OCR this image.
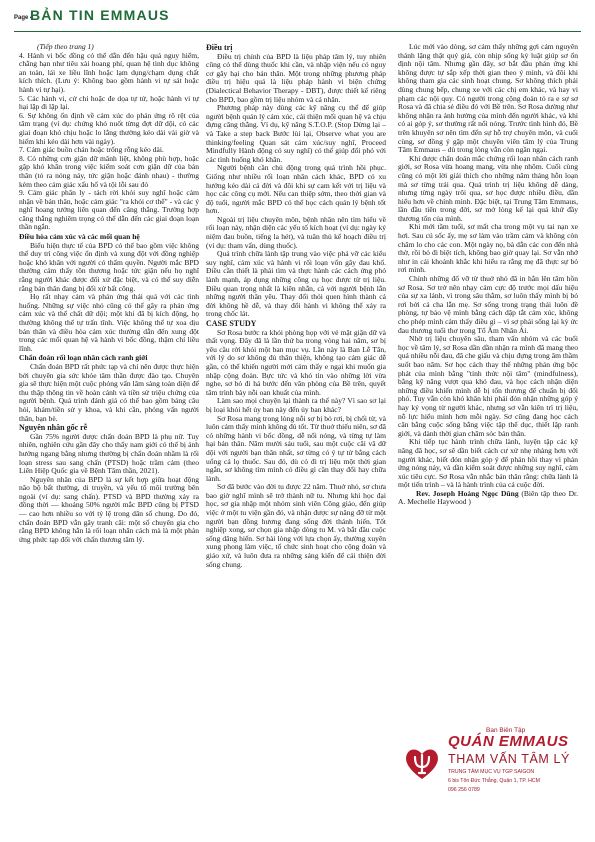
Page 4
BẢN TIN EMMAUS

(Tiếp theo trang 1)

4. Hành vi bốc đồng có thể dẫn đến hậu quả nguy hiểm, chẳng hạn như tiêu xài hoang phí, quan hệ tình dục không an toàn, lái xe liều lĩnh hoặc lạm dụng/chạm dụng chất kích thích. (Lưu ý: Không bao gồm hành vi tự sát hoặc hành vi tự hại).

5. Các hành vi, cử chỉ hoặc đe dọa tự tử, hoặc hành vi tự hại lặp đi lặp lại.

6. Sự không ổn định về cảm xúc do phản ứng rõ rệt của tâm trạng (ví dụ: chứng khó nuốt từng đợt dữ dội, có các giai đoạn khó chịu hoặc lo lắng thường kéo dài vài giờ và hiếm khi kéo dài hơn vài ngày).

7. Cảm giác buồn chán hoặc trống rỗng kéo dài.

8. Có những cơn giận dữ mãnh liệt, không phù hợp, hoặc gặp khó khăn trong việc kiểm soát cơn giận dữ của bản thân (tỏ ra nóng nảy, tức giận hoặc đánh nhau) - thường kèm theo cảm giác xấu hổ và tội lỗi sau đó

9. Cảm giác phân ly - tách rời khỏi suy nghĩ hoặc cảm nhận về bản thân, hoặc cảm giác "ra khỏi cơ thể" - và các ý nghĩ hoang tưởng liên quan đến căng thẳng. Trường hợp căng thẳng nghiêm trọng có thể dẫn đến các giai đoạn loạn thần ngắn.

Điều hòa cảm xúc và các mối quan hệ

Biểu hiện thực tế của BPD có thể bao gồm việc không thể duy trì công việc ổn định và xung đột với đồng nghiệp hoặc khó khăn với người có thẩm quyền. Người mắc BPD thường cảm thấy tồn thương hoặc tức giận nếu họ nghĩ rằng người khác được đối xử đặc biệt, và có thể suy diễn rằng bản thân đang bị đối xử bất công.

Họ rất nhạy cảm và phản ứng thái quá với các tình huống. Những sự việc nhỏ cũng có thể gây ra phản ứng cảm xúc và thể chất dữ dội; một khi đã bị kích động, họ thường không thể tự trấn tĩnh. Việc không thể tự xoa dịu bản thân và điều hòa cảm xúc thường dẫn đến xung đột trong các mối quan hệ và hành vi bốc đồng, thậm chí liều lĩnh.

Chẩn đoán rối loạn nhân cách ranh giới

Chẩn đoán BPD rất phức tạp và chỉ nên được thực hiện bởi chuyên gia sức khỏe tâm thần được đào tạo. Chuyên gia sẽ thực hiện một cuộc phỏng vấn lâm sàng toàn diện để thu thập thông tin về hoàn cảnh và tiền sử triệu chứng của người bệnh. Quá trình đánh giá có thể bao gồm bảng câu hỏi, khám/tiền sử y khoa, và khi cần, phỏng vấn người thân, bạn bè.

Nguyên nhân gốc rễ

Gần 75% người được chẩn đoán BPD là phụ nữ. Tuy nhiên, nghiên cứu gần đây cho thấy nam giới có thể bị ảnh hưởng ngang bằng nhưng thường bị chẩn đoán nhầm là rối loạn stress sau sang chấn (PTSD) hoặc trầm cảm (theo Liên Hiệp Quốc gia về Bệnh Tâm thần, 2021).

Nguyên nhân của BPD là sự kết hợp giữa hoạt động não bộ bất thường, di truyền, và yếu tố môi trường bên ngoài (ví dụ: sang chấn). PTSD và BPD thường xảy ra đồng thời — khoảng 50% người mắc BPD cũng bị PTSD — cao hơn nhiều so với tỷ lệ trong dân số chung. Do đó, chẩn đoán BPD vẫn gây tranh cãi: một số chuyên gia cho rằng BPD không hẳn là rối loạn nhân cách mà là một phản ứng phức tạp đối với chấn thương tâm lý.

Điều trị

Điều trị chính của BPD là liệu pháp tâm lý, tuy nhiên cũng có thể dùng thuốc khi cần, và nhập viện nếu có nguy cơ gây hại cho bản thân. Một trong những phương pháp điều trị hiệu quả là liệu pháp hành vi biện chứng (Dialectical Behavior Therapy - DBT), được thiết kế riêng cho BPD, bao gồm trị liệu nhóm và cá nhân.

Phương pháp này dùng các kỹ năng cụ thể để giúp người bệnh quản lý cảm xúc, cải thiện mối quan hệ và chịu đựng căng thẳng. Ví dụ, kỹ năng S.T.O.P. (Stop Dừng lại – và Take a step back Bước lùi lại, Observe what you are thinking/feeling Quan sát cảm xúc/suy nghĩ, Proceed Mindfully Hành động có suy nghĩ) có thể giúp đối phó với các tình huống khó khăn.

Người bệnh cần chủ động trong quá trình hồi phục. Giống như nhiều rối loạn nhân cách khác, BPD có xu hướng kéo dài cả đời và đôi khi sự cam kết với trị liệu và học các công cụ mới. Nếu can thiệp sớm, theo thời gian và độ tuổi, người mắc BPD có thể học cách quản lý bệnh tốt hơn.

Ngoài trị liệu chuyên môn, bệnh nhân nên tìm hiểu về rối loạn này, nhận diện các yếu tố kích hoạt (ví dụ: ngày kỷ niệm đau buồn, tiếng la hét), và tuân thủ kế hoạch điều trị (ví dụ: tham vấn, dùng thuốc).

Quá trình chữa lành tập trung vào việc phá vỡ các kiểu suy nghĩ, cảm xúc và hành vi rối loạn vốn gây đau khổ. Điều cần thiết là phải tìm và thực hành các cách ứng phó lành mạnh, áp dụng những công cụ học được từ trị liệu. Điều quan trọng nhất là kiên nhẫn, cả với người bệnh lẫn những người thân yêu. Thay đổi thói quen hình thành cả đời không hề dễ, và thay đổi hành vi không thể xảy ra trong chốc lát.

CASE STUDY

Sơ Rosa bước ra khỏi phòng họp với vẻ mặt giận dữ và thất vọng. Đây đã là lần thứ ba trong vòng hai năm, sơ bị yêu cầu rời khỏi một ban mục vụ. Lần này là Ban Lễ Tân, với lý do sơ không đủ thân thiện, không tạo cảm giác dễ gần, có thể khiến người mới cảm thấy e ngại khi muốn gia nhập cộng đoàn. Bực tức và khó tin vào những lời vừa nghe, sơ bỏ đi hả bước đến văn phòng của Bề trên, quyết tâm trình bày nỗi oan khuất của mình.

Làm sao mọi chuyện lại thành ra thế này? Vì sao sơ lại bị loại khỏi hết ủy ban này đến ủy ban khác?

Sơ Rosa mang trong lòng nỗi sợ bị bỏ rơi, bị chối từ, và luôn cảm thấy mình không đủ tốt. Từ thuở thiếu niên, sơ đã có những hành vi bốc đồng, dễ nổi nóng, và từng tự làm hại bản thân. Năm mười sáu tuổi, sau một cuộc cãi vã dữ dội với người bạn thân nhất, sơ từng có ý tự tử bằng cách uống cả lọ thuốc. Sau đó, dù có đi trị liệu một thời gian ngắn, sơ không tìm mình có điều gì cần thay đổi hay chữa lành.

Sơ đã bước vào đời tu được 22 năm. Thuở nhỏ, sơ chưa bao giờ nghĩ mình sẽ trở thành nữ tu. Nhưng khi học đại học, sơ gia nhập một nhóm sinh viên Công giáo, đến giúp việc ở một tu viện gần đó, và nhận được sự nâng đỡ từ một người bạn đồng hương đang sống đời thánh hiến. Tốt nghiệp xong, sơ chọn gia nhập dòng tu M. và bắt đầu cuộc sống dâng hiến. Sơ hài lòng với lựa chọn ấy, thường xuyên xung phong làm việc, tổ chức sinh hoạt cho cộng đoàn và giáo xứ, và luôn đưa ra những sáng kiến để cải thiện đời sống chung.

Lúc mới vào dòng, sơ cảm thấy những gợi cảm nguyên thánh lặng thật quý giá, còn nhịp sống kỷ luật giúp sơ ổn định nội tâm. Nhưng gần đây, sơ bắt đầu phản ứng khi không được tự sắp xếp thời gian theo ý mình, và đôi khi không tham gia các sinh hoạt chung. Sơ không thích phải dùng chung bếp, chung xe với các chị em khác, và hay vi phạm các nội quy. Có người trong cộng đoàn tỏ ra e sợ sơ Rosa và đã chia sẻ điều đó với Bề trên. Sơ Rosa dường như không nhận ra ảnh hưởng của mình đến người khác, và khi có ai góp ý, sơ thường rất nổi nóng. Trước tình hình đó, Bề trên khuyên sơ nên tìm đến sự hỗ trợ chuyên môn, và cuối cùng, sơ đồng ý gặp một chuyên viên tâm lý của Trung Tâm Emmaus – dù trong lòng vẫn còn ngần ngại.

Khi được chẩn đoán mắc chứng rối loạn nhân cách ranh giới, sơ Rosa vừa hoang mang, vừa nhẹ nhõm. Cuối cùng cũng có một lời giải thích cho những năm tháng hỗn loạn mà sơ từng trải qua. Quá trình trị liệu không dễ dàng, nhưng từng ngày trôi qua, sơ học được nhiều điều, dần hiểu hơn về chính mình. Đặc biệt, tại Trung Tâm Emmaus, lần đầu tiên trong đời, sơ mở lòng kể lại quá khứ đầy thương tổn của mình.

Khi mới tầm tuổi, sơ mất cha trong một vụ tai nạn xe hơi. Sau cú sốc ấy, mẹ sơ làm vào trầm cảm và không còn chăm lo cho các con. Một ngày nọ, bà dẫn các con đến nhà thờ, rồi bỏ đi biệt tích, không bao giờ quay lại. Sơ vẫn nhớ như in cái khoảnh khắc khi hiểu ra rằng mẹ đã thực sự bỏ rơi mình.

Chính những đổ vỡ từ thuở nhỏ đã in hằn lên tâm hồn sơ Rosa. Sơ trở nên nhạy cảm cực độ trước mọi dấu hiệu của sự xa lánh, vì trong sâu thẳm, sơ luôn thấy mình bị bỏ rơi bởi cả cha lẫn mẹ. Sơ sống trong trạng thái luôn đề phòng, tự bảo vệ mình bằng cách dập tắt cảm xúc, không cho phép mình cảm thấy điều gì – vì sợ phải sống lại kỳ ức đau thương tuổi thơ trong Tổ Ấm Nhân Ái.

Nhờ trị liệu chuyên sâu, tham vấn nhóm và các buổi học về tâm lý, sơ Rosa dần dần nhận ra mình đã mang theo quá nhiều nỗi đau, đã che giấu và chịu đựng trong âm thầm suốt bao năm. Sơ học cách thay thế những phản ứng bộc phát của mình bằng "tỉnh thức nội tâm" (mindfulness), bằng kỹ năng vượt qua khó đau, và học cách nhận diện những điều khiến mình dễ bị tổn thương để chuẩn bị đối phó. Tuy vẫn còn khó khăn khi phải đón nhận những góp ý hay kỷ vọng từ người khác, nhưng sơ vẫn kiên trì trị liệu, nỗ lực hiểu mình hơn mỗi ngày. Sơ cũng đang học cách cân bằng cuộc sống bằng việc tập thể dục, thiết lập ranh giới, và dành thời gian chăm sóc bản thân.

Khi tiếp tục hành trình chữa lành, luyện tập các kỹ năng đã học, sơ sẽ dần biết cách cư xử nhẹ nhàng hơn với người khác, biết đón nhận góp ý để phản hồi thay vì phản ứng nóng nảy, và dần kiểm soát được những suy nghĩ, cảm xúc tiêu cực. Sơ Rosa vẫn nhắc bản thân rằng: chữa lành là một tiến trình – và là hành trình của cả cuộc đời.

Rev. Joseph Hoàng Ngọc Dũng (Biên tập theo Dr. A. Mechelle Haywood )

Ban Biên Tập
QUÁN EMMAUS
THAM VẤN TÂM LÝ
TRUNG TÂM MỤC VỤ TGP SAIGON
6 bis Tôn Đức Thắng, Quận 1, TP. HCM
096 256 0789
